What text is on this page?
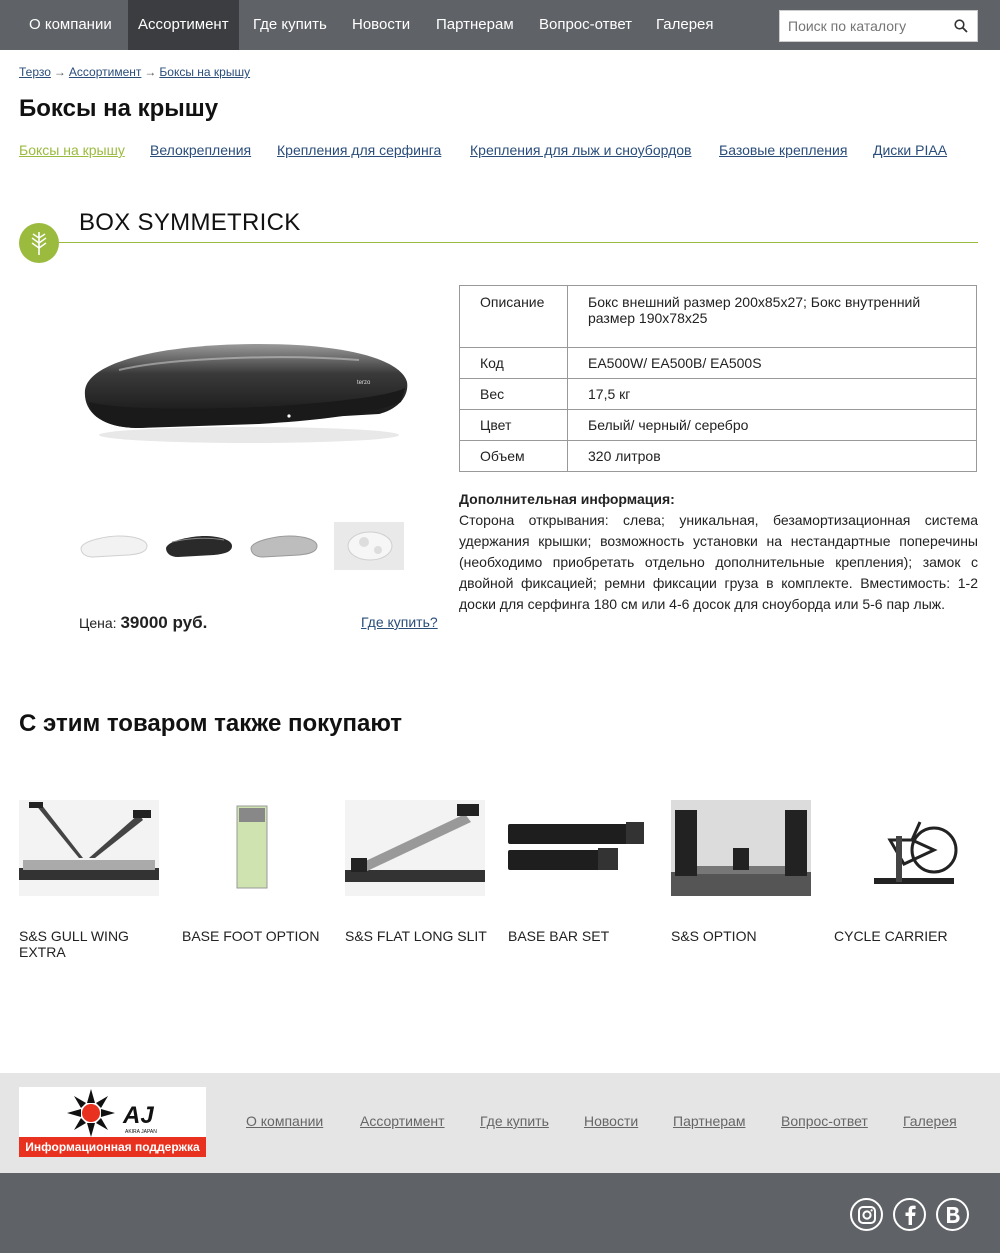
О компании	Ассортимент	Где купить	Новости	Партнерам	Вопрос-ответ	Галерея
Поиск по каталогу
Терзо → Ассортимент → Боксы на крышу
Боксы на крышу
Боксы на крышу Велокрепления Крепления для серфинга Крепления для лыж и сноубордов Базовые крепления Диски PIAA
BOX SYMMETRICK
terzo
Цена: 39000 руб.	Где купить?
Описание	Бокс внешний размер 200х85х27; Бокс внутренний размер 190х78х25
Код	EA500W/ EA500B/ EA500S
Вес	17,5 кг
Цвет	Белый/ черный/ серебро
Объем	320 литров
Дополнительная информация:
Сторона открывания: слева; уникальная, безамортизационная система удержания крышки; возможность установки на нестандартные поперечины (необходимо приобретать отдельно дополнительные крепления); замок с двойной фиксацией; ремни фиксации груза в комплекте. Вместимость: 1-2 доски для серфинга 180 см или 4-6 досок для сноуборда или 5-6 пар лыж.
С этим товаром также покупают
S&S GULL WING EXTRA
BASE FOOT OPTION	S&S FLAT LONG SLIT	BASE BAR SET	S&S OPTION	CYCLE CARRIER
AJ
AKIRA JAPAN
Информационная поддержка
О компании	Ассортимент	Где купить	Новости Партнерам	Вопрос-ответ	Галерея
